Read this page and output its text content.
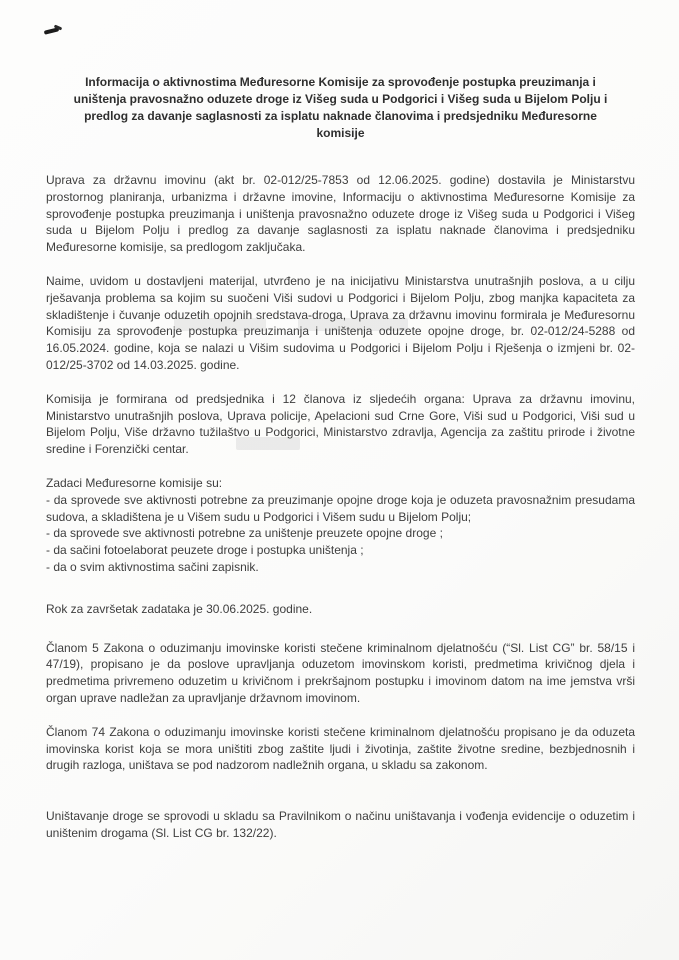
Informacija o aktivnostima Međuresorne Komisije za sprovođenje postupka preuzimanja i uništenja pravosnažno oduzete droge iz Višeg suda u Podgorici i Višeg suda u Bijelom Polju i predlog za davanje saglasnosti za isplatu naknade članovima i predsjedniku Međuresorne komisije

Uprava za državnu imovinu (akt br. 02-012/25-7853 od 12.06.2025. godine) dostavila je Ministarstvu prostornog planiranja, urbanizma i državne imovine, Informaciju o aktivnostima Međuresorne Komisije za sprovođenje postupka preuzimanja i uništenja pravosnažno oduzete droge iz Višeg suda u Podgorici i Višeg suda u Bijelom Polju i predlog za davanje saglasnosti za isplatu naknade članovima i predsjedniku Međuresorne komisije, sa predlogom zaključaka.

Naime, uvidom u dostavljeni materijal, utvrđeno je na inicijativu Ministarstva unutrašnjih poslova, a u cilju rješavanja problema sa kojim su suočeni Viši sudovi u Podgorici i Bijelom Polju, zbog manjka kapaciteta za skladištenje i čuvanje oduzetih opojnih sredstava-droga, Uprava za državnu imovinu formirala je Međuresornu Komisiju za sprovođenje postupka preuzimanja i uništenja oduzete opojne droge, br. 02-012/24-5288 od 16.05.2024. godine, koja se nalazi u Višim sudovima u Podgorici i Bijelom Polju i Rješenja o izmjeni br. 02-012/25-3702 od 14.03.2025. godine.

Komisija je formirana od predsjednika i 12 članova iz sljedećih organa: Uprava za državnu imovinu, Ministarstvo unutrašnjih poslova, Uprava policije, Apelacioni sud Crne Gore, Viši sud u Podgorici, Viši sud u Bijelom Polju, Više državno tužilaštvo u Podgorici, Ministarstvo zdravlja, Agencija za zaštitu prirode i životne sredine i Forenzički centar.

Zadaci Međuresorne komisije su:

- da sprovede sve aktivnosti potrebne za preuzimanje opojne droge koja je oduzeta pravosnažnim presudama sudova, a skladištena je u Višem sudu u Podgorici i Višem sudu u Bijelom Polju;

- da sprovede sve aktivnosti potrebne za uništenje preuzete opojne droge ;

- da sačini fotoelaborat peuzete droge i postupka uništenja ;

- da o svim aktivnostima sačini zapisnik.

Rok za završetak zadataka je 30.06.2025. godine.

Članom 5 Zakona o oduzimanju imovinske koristi stečene kriminalnom djelatnošću (“Sl. List CG” br. 58/15 i 47/19), propisano je da poslove upravljanja oduzetom imovinskom koristi, predmetima krivičnog djela i predmetima privremeno oduzetim u krivičnom i prekršajnom postupku i imovinom datom na ime jemstva vrši organ uprave nadležan za upravljanje državnom imovinom.

Članom 74 Zakona o oduzimanju imovinske koristi stečene kriminalnom djelatnošću propisano je da oduzeta imovinska korist koja se mora uništiti zbog zaštite ljudi i životinja, zaštite životne sredine, bezbjednosnih i drugih razloga, uništava se pod nadzorom nadležnih organa, u skladu sa zakonom.

Uništavanje droge se sprovodi u skladu sa Pravilnikom o načinu uništavanja i vođenja evidencije o oduzetim i uništenim drogama (Sl. List CG br. 132/22).
